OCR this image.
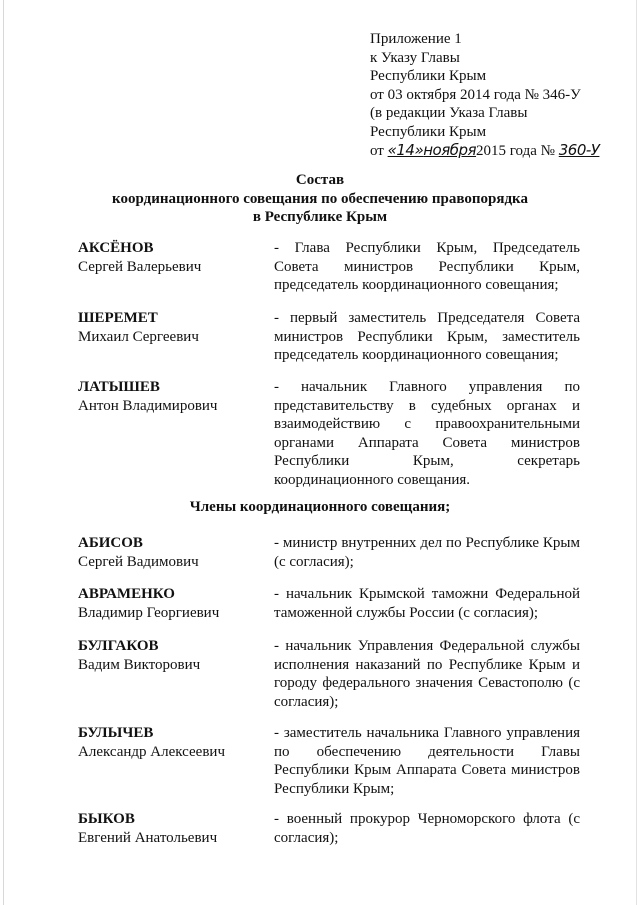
Приложение 1
к Указу Главы
Республики Крым
от 03 октября 2014 года № 346-У
(в редакции Указа Главы
Республики Крым
от «14»ноября2015 года № 360-У
Состав
координационного совещания по обеспечению правопорядка
в Республике Крым
АКСЁНОВ
Сергей Валерьевич
- Глава Республики Крым, Председатель Совета министров Республики Крым, председатель координационного совещания;
ШЕРЕМЕТ
Михаил Сергеевич
- первый заместитель Председателя Совета министров Республики Крым, заместитель председатель координационного совещания;
ЛАТЫШЕВ
Антон Владимирович
- начальник Главного управления по представительству в судебных органах и взаимодействию с правоохранительными органами Аппарата Совета министров Республики Крым, секретарь координационного совещания.
Члены координационного совещания;
АБИСОВ
Сергей Вадимович
- министр внутренних дел по Республике Крым (с согласия);
АВРАМЕНКО
Владимир Георгиевич
- начальник Крымской таможни Федеральной таможенной службы России (с согласия);
БУЛГАКОВ
Вадим Викторович
- начальник Управления Федеральной службы исполнения наказаний по Республике Крым и городу федерального значения Севастополю (с согласия);
БУЛЫЧЕВ
Александр Алексеевич
- заместитель начальника Главного управления по обеспечению деятельности Главы Республики Крым Аппарата Совета министров Республики Крым;
БЫКОВ
Евгений Анатольевич
- военный прокурор Черноморского флота (с согласия);
